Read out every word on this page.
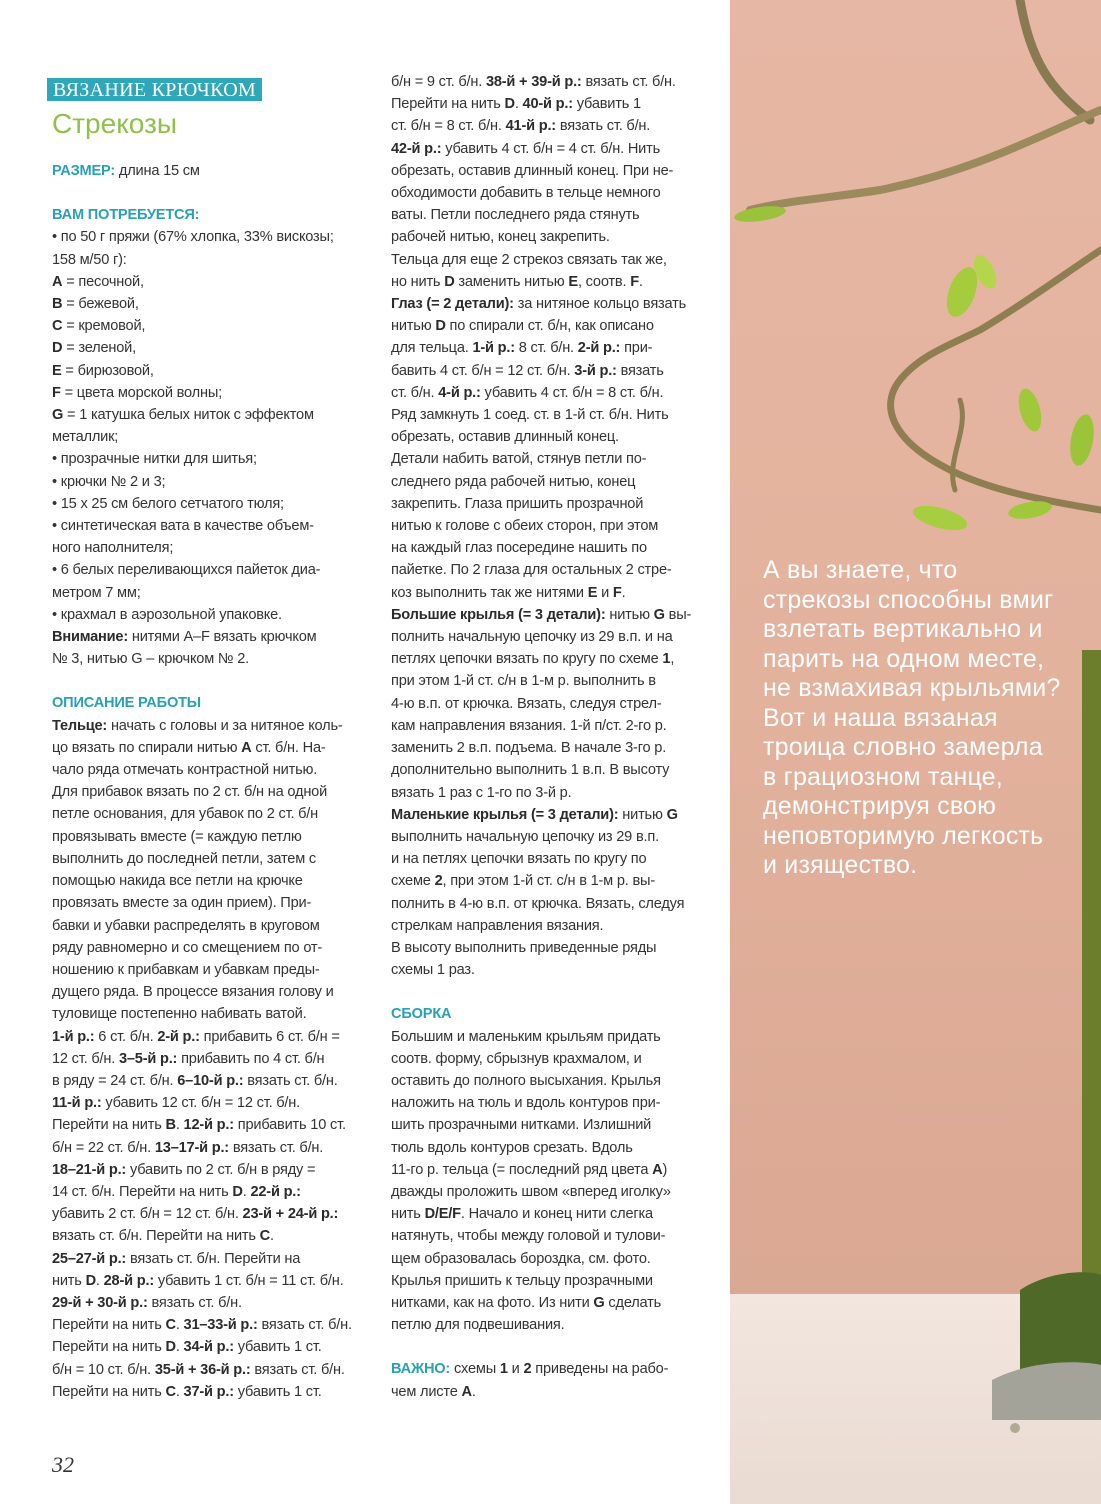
ВЯЗАНИЕ КРЮЧКОМ
Стрекозы

РАЗМЕР: длина 15 см

ВАМ ПОТРЕБУЕТСЯ:

• по 50 г пряжи (67% хлопка, 33% вискозы;

158 м/50 г):

A = песочной,

B = бежевой,

C = кремовой,

D = зеленой,

E = бирюзовой,

F = цвета морской волны;

G = 1 катушка белых ниток с эффектом

металлик;

• прозрачные нитки для шитья;

• крючки № 2 и 3;

• 15 х 25 см белого сетчатого тюля;

• синтетическая вата в качестве объем-

ного наполнителя;

• 6 белых переливающихся пайеток диа-

метром 7 мм;

• крахмал в аэрозольной упаковке.

Внимание: нитями A–F вязать крючком

№ 3, нитью G – крючком № 2.

ОПИСАНИЕ РАБОТЫ

Тельце: начать с головы и за нитяное коль-

цо вязать по спирали нитью A ст. б/н. На-

чало ряда отмечать контрастной нитью.

Для прибавок вязать по 2 ст. б/н на одной

петле основания, для убавок по 2 ст. б/н

провязывать вместе (= каждую петлю

выполнить до последней петли, затем с

помощью накида все петли на крючке

провязать вместе за один прием). При-

бавки и убавки распределять в круговом

ряду равномерно и со смещением по от-

ношению к прибавкам и убавкам преды-

дущего ряда. В процессе вязания голову и

туловище постепенно набивать ватой.

1-й р.: 6 ст. б/н. 2-й р.: прибавить 6 ст. б/н =

12 ст. б/н. 3–5-й р.: прибавить по 4 ст. б/н

в ряду = 24 ст. б/н. 6–10-й р.: вязать ст. б/н.

11-й р.: убавить 12 ст. б/н = 12 ст. б/н.

Перейти на нить B. 12-й р.: прибавить 10 ст.

б/н = 22 ст. б/н. 13–17-й р.: вязать ст. б/н.

18–21-й р.: убавить по 2 ст. б/н в ряду =

14 ст. б/н. Перейти на нить D. 22-й р.:

убавить 2 ст. б/н = 12 ст. б/н. 23-й + 24-й р.:

вязать ст. б/н. Перейти на нить C.

25–27-й р.: вязать ст. б/н. Перейти на

нить D. 28-й р.: убавить 1 ст. б/н = 11 ст. б/н.

29-й + 30-й р.: вязать ст. б/н.

Перейти на нить C. 31–33-й р.: вязать ст. б/н.

Перейти на нить D. 34-й р.: убавить 1 ст.

б/н = 10 ст. б/н. 35-й + 36-й р.: вязать ст. б/н.

Перейти на нить C. 37-й р.: убавить 1 ст.

б/н = 9 ст. б/н. 38-й + 39-й р.: вязать ст. б/н.

Перейти на нить D. 40-й р.: убавить 1

ст. б/н = 8 ст. б/н. 41-й р.: вязать ст. б/н.

42-й р.: убавить 4 ст. б/н = 4 ст. б/н. Нить

обрезать, оставив длинный конец. При не-

обходимости добавить в тельце немного

ваты. Петли последнего ряда стянуть

рабочей нитью, конец закрепить.

Тельца для еще 2 стрекоз связать так же,

но нить D заменить нитью E, соотв. F.

Глаз (= 2 детали): за нитяное кольцо вязать

нитью D по спирали ст. б/н, как описано

для тельца. 1-й р.: 8 ст. б/н. 2-й р.: при-

бавить 4 ст. б/н = 12 ст. б/н. 3-й р.: вязать

ст. б/н. 4-й р.: убавить 4 ст. б/н = 8 ст. б/н.

Ряд замкнуть 1 соед. ст. в 1-й ст. б/н. Нить

обрезать, оставив длинный конец.

Детали набить ватой, стянув петли по-

следнего ряда рабочей нитью, конец

закрепить. Глаза пришить прозрачной

нитью к голове с обеих сторон, при этом

на каждый глаз посередине нашить по

пайетке. По 2 глаза для остальных 2 стре-

коз выполнить так же нитями E и F.

Большие крылья (= 3 детали): нитью G вы-

полнить начальную цепочку из 29 в.п. и на

петлях цепочки вязать по кругу по схеме 1,

при этом 1-й ст. с/н в 1-м р. выполнить в

4-ю в.п. от крючка. Вязать, следуя стрел-

кам направления вязания. 1-й п/ст. 2-го р.

заменить 2 в.п. подъема. В начале 3-го р.

дополнительно выполнить 1 в.п. В высоту

вязать 1 раз с 1-го по 3-й р.

Маленькие крылья (= 3 детали): нитью G

выполнить начальную цепочку из 29 в.п.

и на петлях цепочки вязать по кругу по

схеме 2, при этом 1-й ст. с/н в 1-м р. вы-

полнить в 4-ю в.п. от крючка. Вязать, следуя

стрелкам направления вязания.

В высоту выполнить приведенные ряды

схемы 1 раз.

СБОРКА

Большим и маленьким крыльям придать

соотв. форму, сбрызнув крахмалом, и

оставить до полного высыхания. Крылья

наложить на тюль и вдоль контуров при-

шить прозрачными нитками. Излишний

тюль вдоль контуров срезать. Вдоль

11-го р. тельца (= последний ряд цвета A)

дважды проложить швом «вперед иголку»

нить D/E/F. Начало и конец нити слегка

натянуть, чтобы между головой и тулови-

щем образовалась бороздка, см. фото.

Крылья пришить к тельцу прозрачными

нитками, как на фото. Из нити G сделать

петлю для подвешивания.

ВАЖНО: схемы 1 и 2 приведены на рабо-

чем листе A.

А вы знаете, что стрекозы способны вмиг взлетать вертикально и парить на одном месте, не взмахивая крыльями? Вот и наша вязаная троица словно замерла в грациозном танце, демонстрируя свою неповторимую легкость и изящество.
32
